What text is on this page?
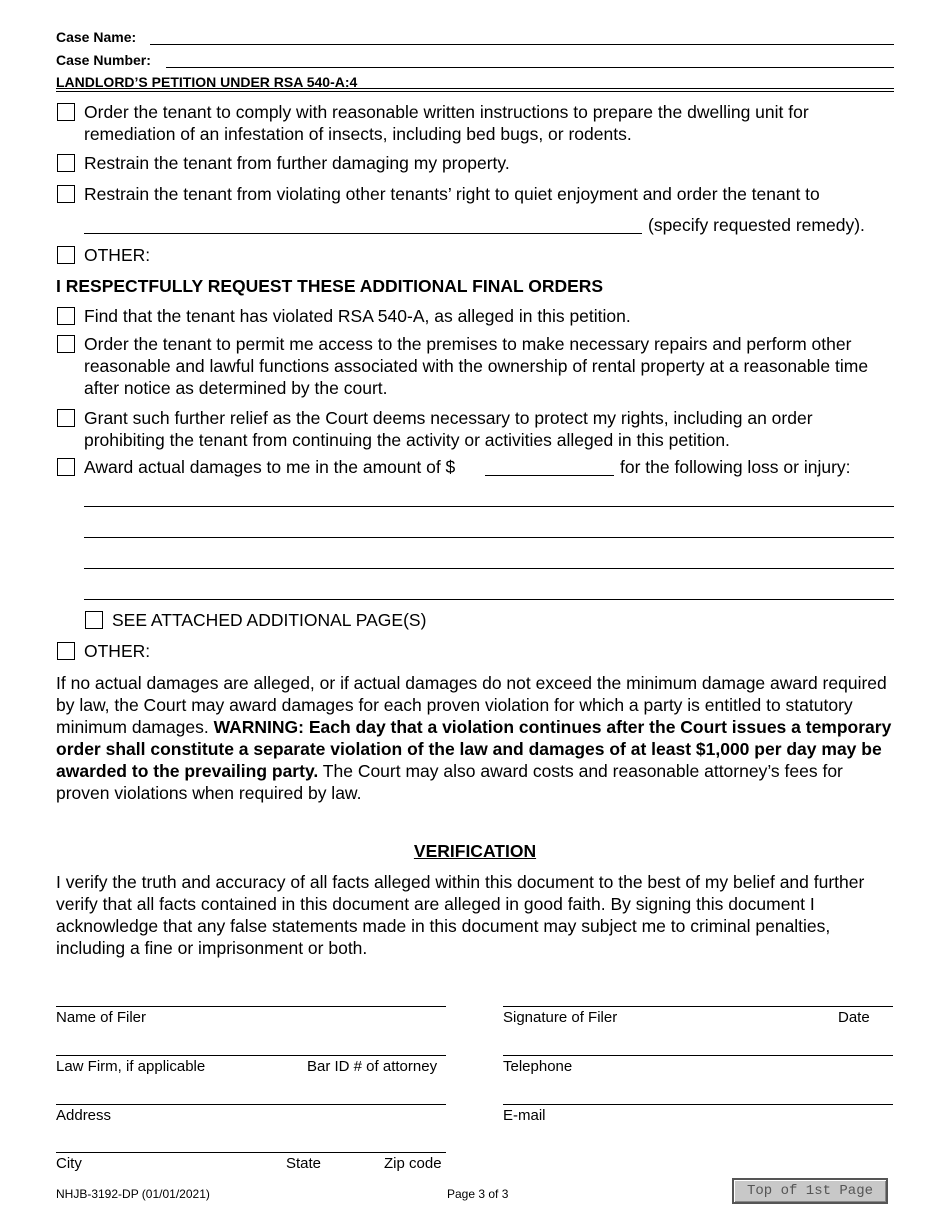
Case Name:
Case Number:
LANDLORD’S PETITION UNDER RSA 540-A:4
Order the tenant to comply with reasonable written instructions to prepare the dwelling unit for remediation of an infestation of insects, including bed bugs, or rodents.
Restrain the tenant from further damaging my property.
Restrain the tenant from violating other tenants’ right to quiet enjoyment and order the tenant to
(specify requested remedy).
OTHER:
I RESPECTFULLY REQUEST THESE ADDITIONAL FINAL ORDERS
Find that the tenant has violated RSA 540-A, as alleged in this petition.
Order the tenant to permit me access to the premises to make necessary repairs and perform other reasonable and lawful functions associated with the ownership of rental property at a reasonable time after notice as determined by the court.
Grant such further relief as the Court deems necessary to protect my rights, including an order prohibiting the tenant from continuing the activity or activities alleged in this petition.
Award actual damages to me in the amount of $	for the following loss or injury:
SEE ATTACHED ADDITIONAL PAGE(S)
OTHER:
If no actual damages are alleged, or if actual damages do not exceed the minimum damage award required by law, the Court may award damages for each proven violation for which a party is entitled to statutory minimum damages. WARNING: Each day that a violation continues after the Court issues a temporary order shall constitute a separate violation of the law and damages of at least $1,000 per day may be awarded to the prevailing party. The Court may also award costs and reasonable attorney’s fees for proven violations when required by law.
VERIFICATION
I verify the truth and accuracy of all facts alleged within this document to the best of my belief and further verify that all facts contained in this document are alleged in good faith. By signing this document I acknowledge that any false statements made in this document may subject me to criminal penalties, including a fine or imprisonment or both.
Name of Filer	Signature of Filer	Date
Law Firm, if applicable	Bar ID # of attorney	Telephone
Address	E-mail
City	State	Zip code
NHJB-3192-DP (01/01/2021)	Page 3 of 3	Top of 1st Page
